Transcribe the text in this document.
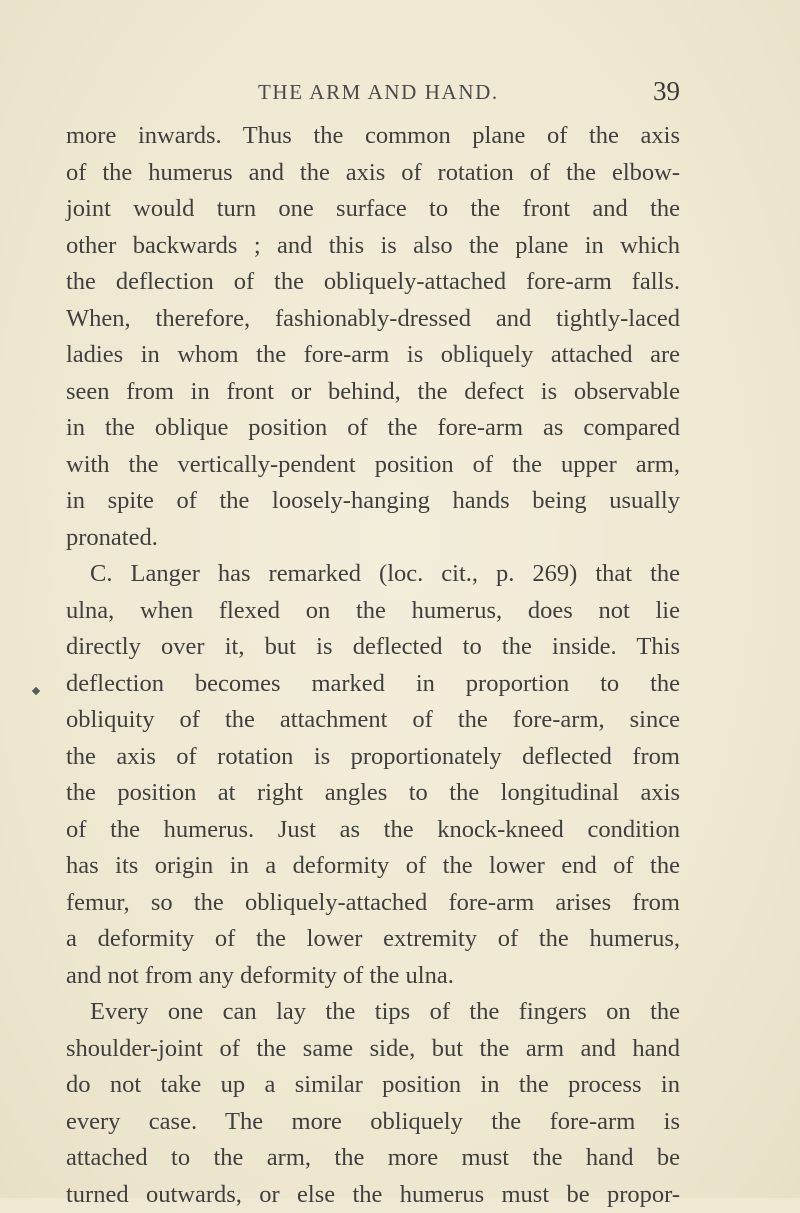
THE ARM AND HAND.	39
more inwards. Thus the common plane of the axis
of the humerus and the axis of rotation of the elbow-
joint would turn one surface to the front and the
other backwards ; and this is also the plane in which
the deflection of the obliquely-attached fore-arm falls.
When, therefore, fashionably-dressed and tightly-laced
ladies in whom the fore-arm is obliquely attached are
seen from in front or behind, the defect is observable
in the oblique position of the fore-arm as compared
with the vertically-pendent position of the upper arm,
in spite of the loosely-hanging hands being usually
pronated.
C. Langer has remarked (loc. cit., p. 269) that the
ulna, when flexed on the humerus, does not lie
directly over it, but is deflected to the inside. This
deflection becomes marked in proportion to the
obliquity of the attachment of the fore-arm, since
the axis of rotation is proportionately deflected from
the position at right angles to the longitudinal axis
of the humerus. Just as the knock-kneed condition
has its origin in a deformity of the lower end of the
femur, so the obliquely-attached fore-arm arises from
a deformity of the lower extremity of the humerus,
and not from any deformity of the ulna.
Every one can lay the tips of the fingers on the
shoulder-joint of the same side, but the arm and hand
do not take up a similar position in the process in
every case. The more obliquely the fore-arm is
attached to the arm, the more must the hand be
turned outwards, or else the humerus must be propor-
